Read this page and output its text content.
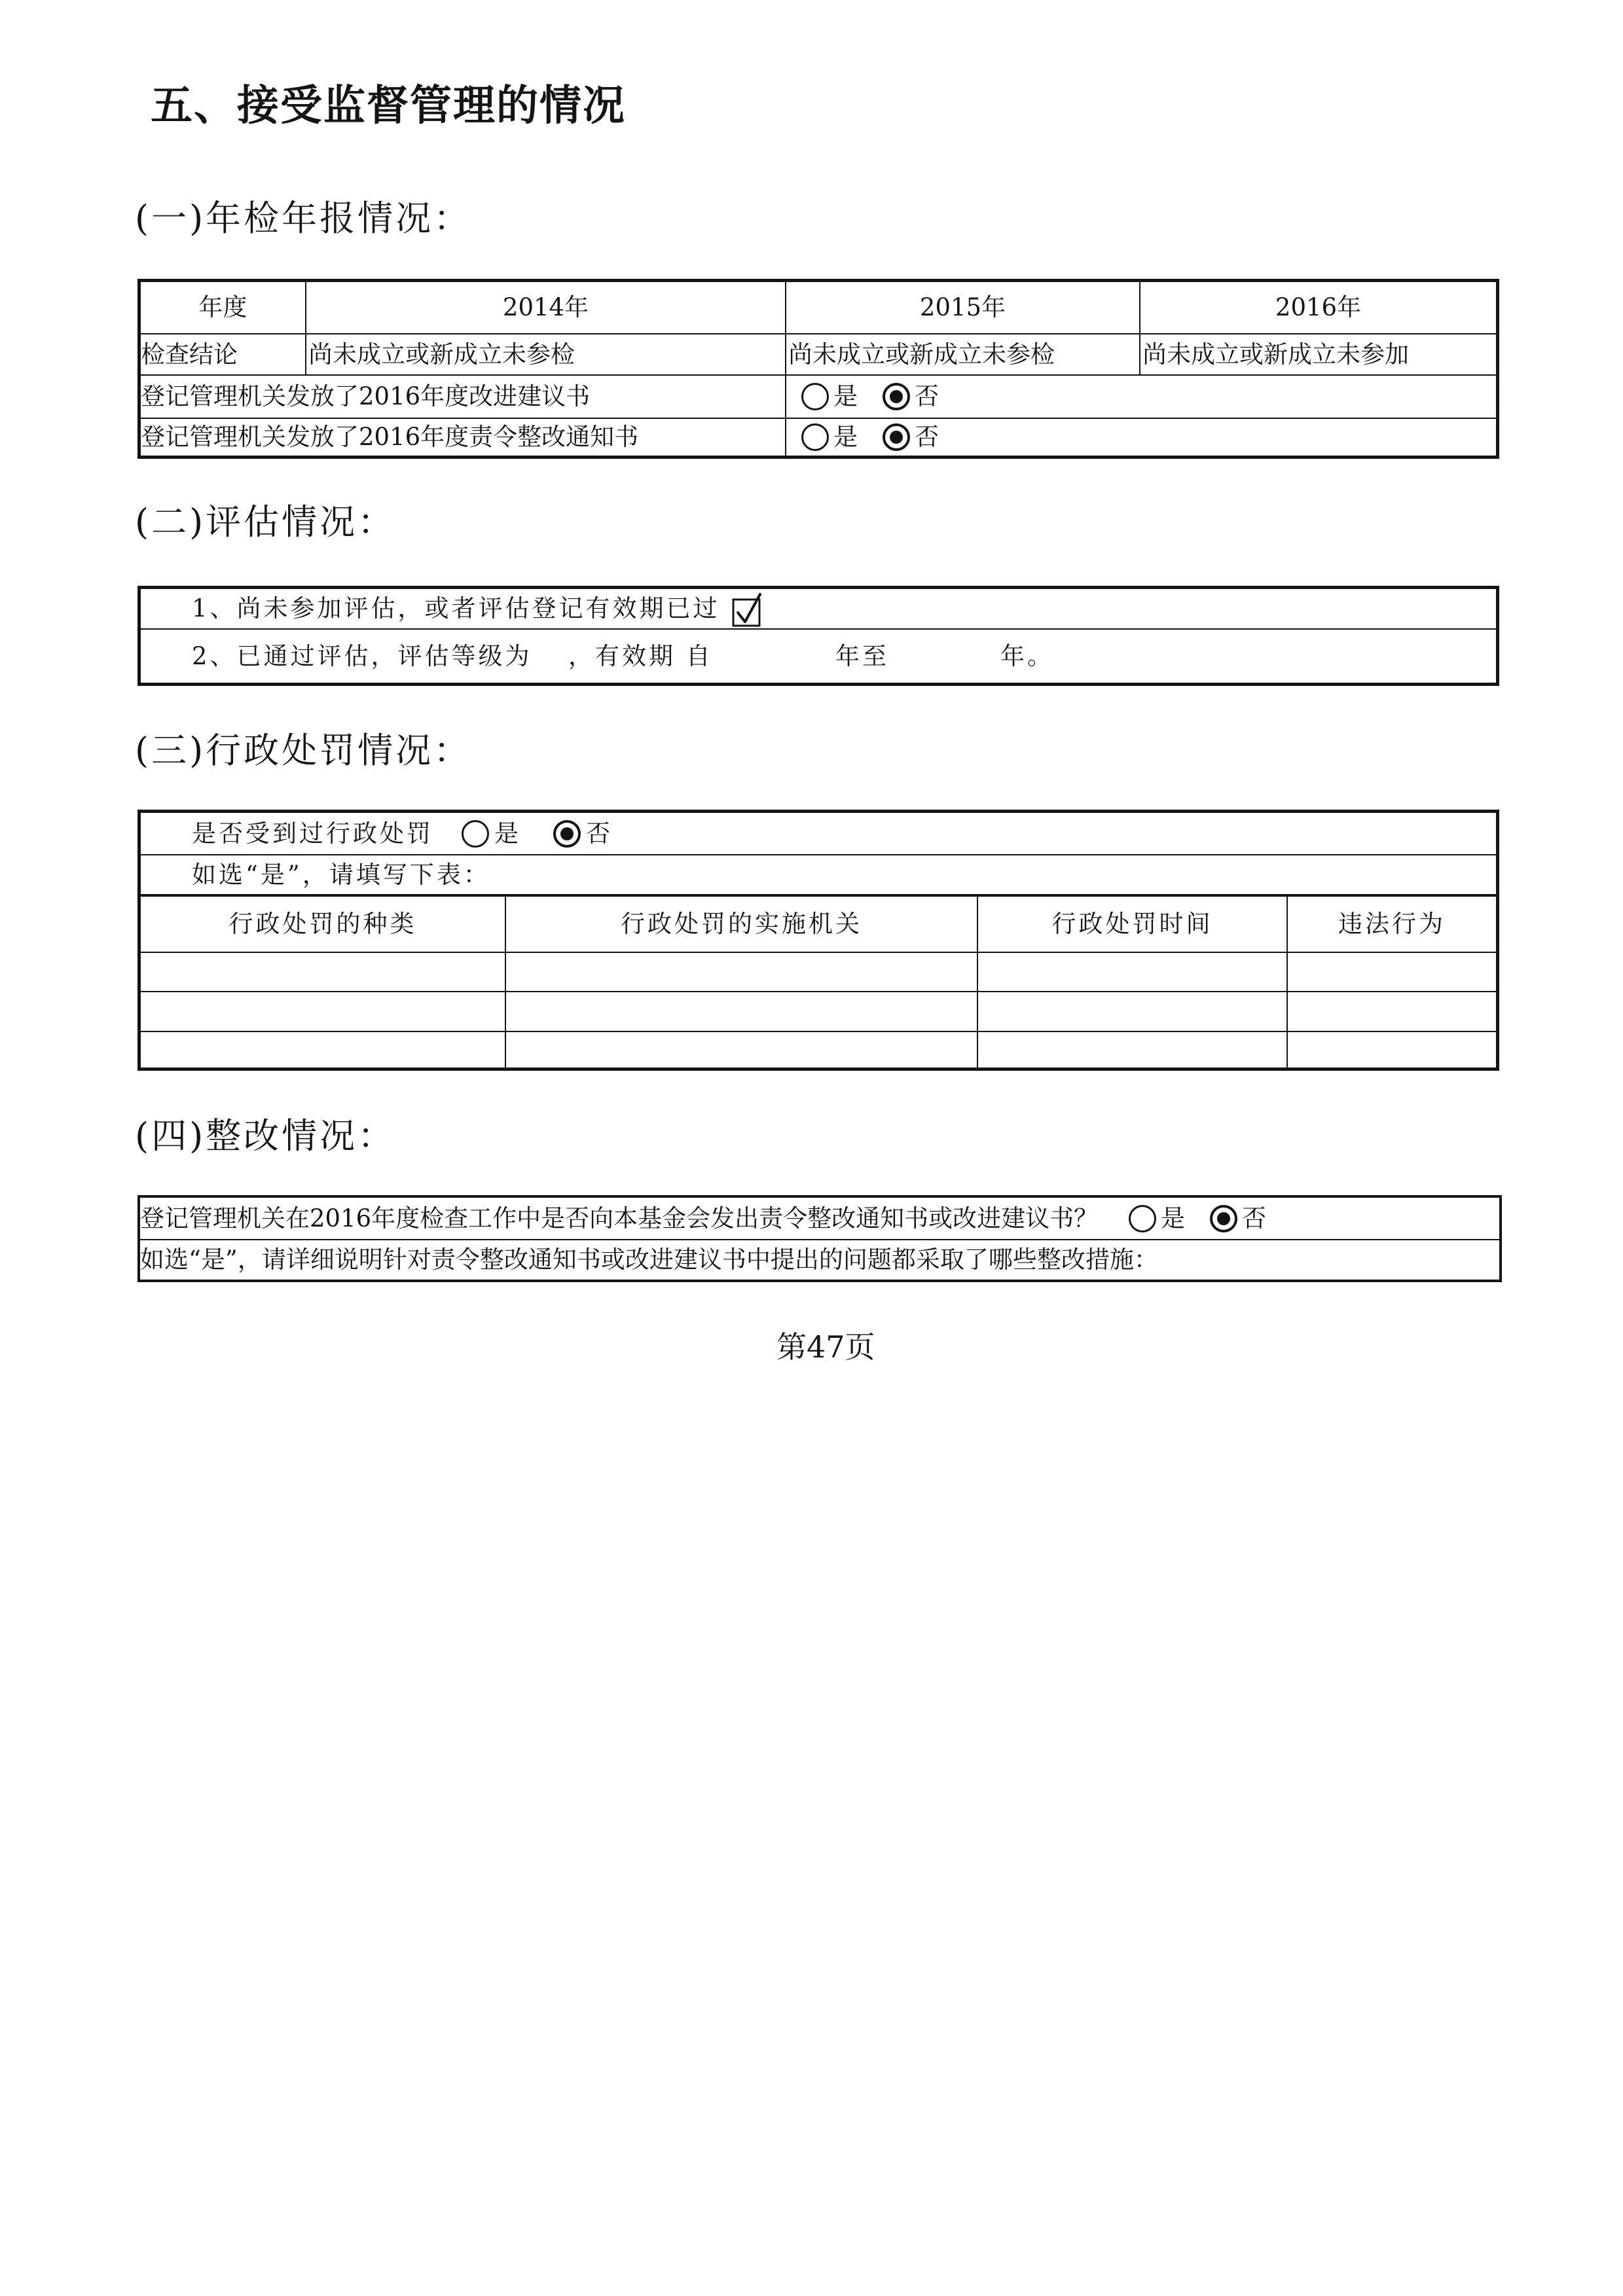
五、接受监督管理的情况
(一)年检年报情况：
年度	2014年	2015年	2016年
检查结论	尚未成立或新成立未参检	尚未成立或新成立未参检	尚未成立或新成立未参加
登记管理机关发放了2016年度改进建议书	是 否
登记管理机关发放了2016年度责令整改通知书	是 否
(二)评估情况：
1、尚未参加评估，或者评估登记有效期已过
2、已通过评估，评估等级为 ，有效期 自	年至	年。
(三)行政处罚情况：
是否受到过行政处罚	是	否
如选“是”，请填写下表：
行政处罚的种类	行政处罚的实施机关	行政处罚时间	违法行为
(四)整改情况：
登记管理机关在2016年度检查工作中是否向本基金会发出责令整改通知书或改进建议书？	是 否
如选“是”，请详细说明针对责令整改通知书或改进建议书中提出的问题都采取了哪些整改措施：
第47页
